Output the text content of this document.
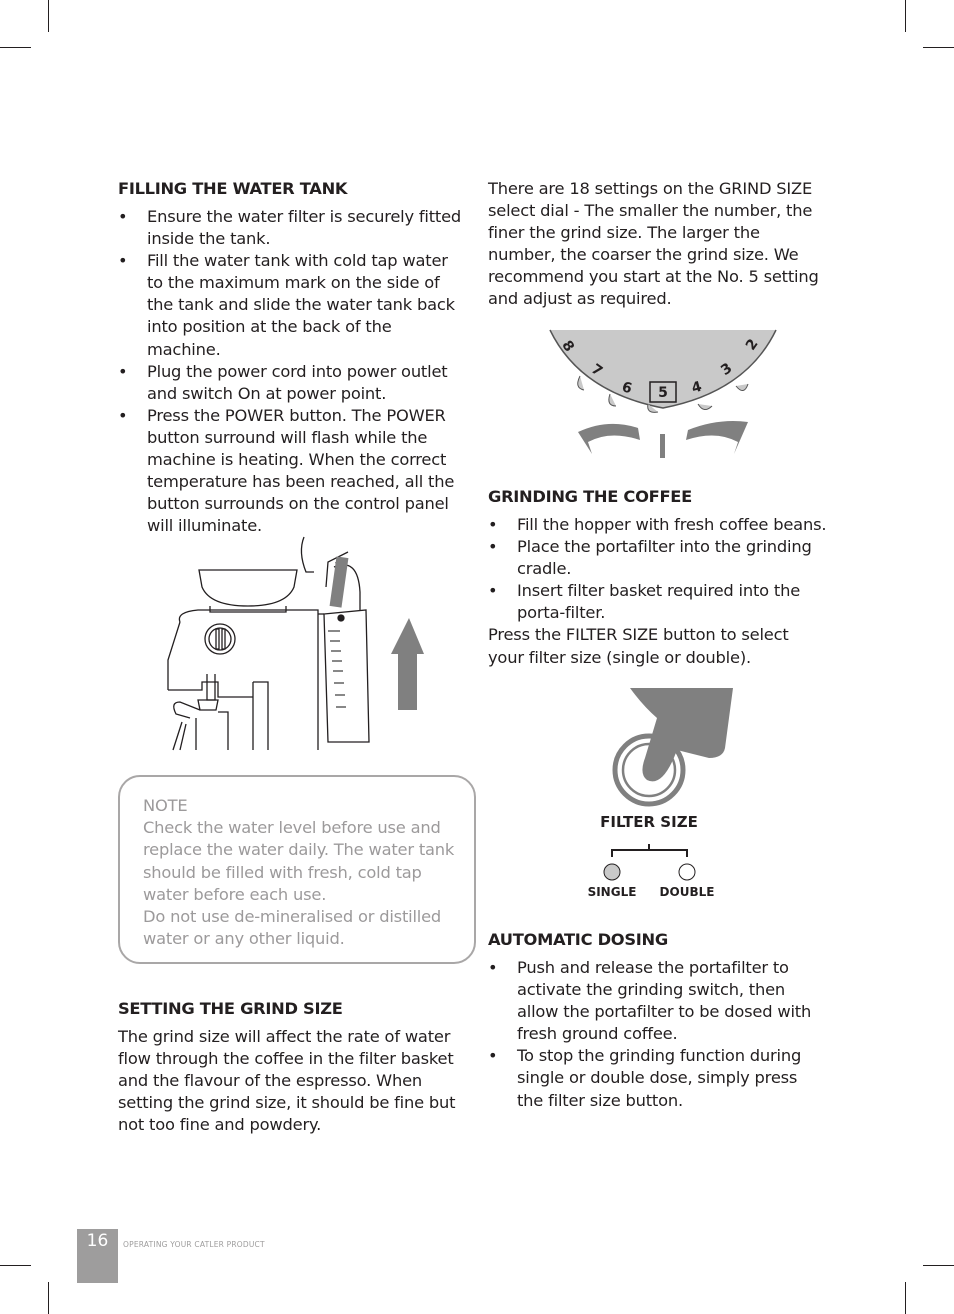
FILLING THE WATER TANK
• Ensure the water filter is securely fitted inside the tank.
• Fill the water tank with cold tap water to the maximum mark on the side of the tank and slide the water tank back into position at the back of the machine.
• Plug the power cord into power outlet and switch On at power point.
• Press the POWER button. The POWER button surround will flash while the machine is heating. When the correct temperature has been reached, all the button surrounds on the control panel will illuminate.

NOTE

Check the water level before use and replace the water daily. The water tank should be filled with fresh, cold tap water before each use.

Do not use de-mineralised or distilled water or any other liquid.

SETTING THE GRIND SIZE

The grind size will affect the rate of water flow through the coffee in the filter basket and the flavour of the espresso. When setting the grind size, it should be fine but not too fine and powdery.

There are 18 settings on the GRIND SIZE select dial - The smaller the number, the finer the grind size. The larger the number, the coarser the grind size. We recommend you start at the No. 5 setting and adjust as required.

8
7
6	4
3
2
5
GRINDING THE COFFEE
• Fill the hopper with fresh coffee beans.
• Place the portafilter into the grinding cradle.
• Insert filter basket required into the porta-filter.

Press the FILTER SIZE button to select your filter size (single or double).

FILTER SIZE
SINGLE DOUBLE
AUTOMATIC DOSING
• Push and release the portafilter to activate the grinding switch, then allow the portafilter to be dosed with fresh ground coffee.
• To stop the grinding function during single or double dose, simply press the filter size button.
16	OPERATING YOUR CATLER PRODUCT
